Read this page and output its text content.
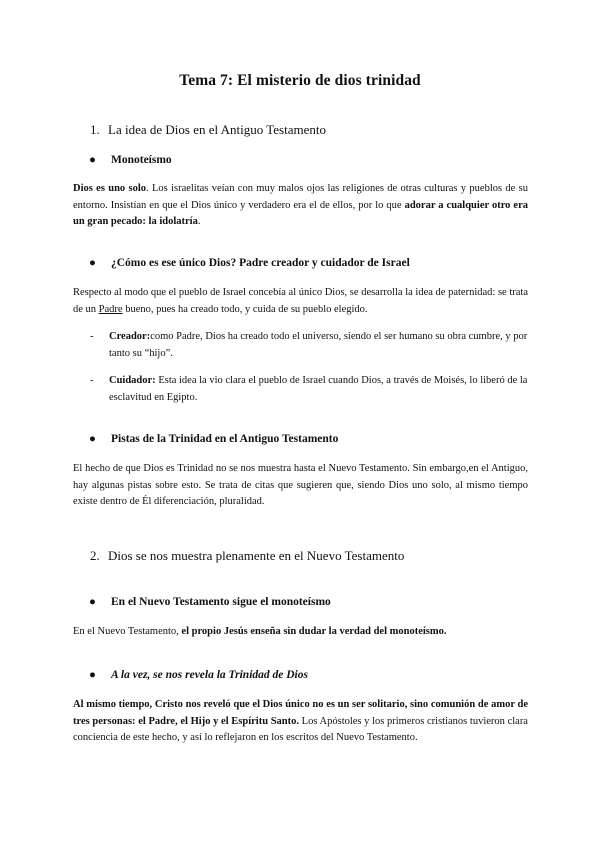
Tema 7: El misterio de dios trinidad
1. La idea de Dios en el Antiguo Testamento
● Monoteísmo
Dios es uno solo. Los israelitas veían con muy malos ojos las religiones de otras culturas y pueblos de su entorno. Insistían en que el Dios único y verdadero era el de ellos, por lo que adorar a cualquier otro era un gran pecado: la idolatría.
● ¿Cómo es ese único Dios? Padre creador y cuidador de Israel
Respecto al modo que el pueblo de Israel concebía al único Dios, se desarrolla la idea de paternidad: se trata de un Padre bueno, pues ha creado todo, y cuida de su pueblo elegido.
- Creador:como Padre, Dios ha creado todo el universo, siendo el ser humano su obra cumbre, y por tanto su “hijo”.
- Cuidador: Esta idea la vio clara el pueblo de Israel cuando Dios, a través de Moisés, lo liberó de la esclavitud en Egipto.
● Pistas de la Trinidad en el Antiguo Testamento
El hecho de que Dios es Trinidad no se nos muestra hasta el Nuevo Testamento. Sin embargo,en el Antiguo, hay algunas pistas sobre esto. Se trata de citas que sugieren que, siendo Dios uno solo, al mismo tiempo existe dentro de Él diferenciación, pluralidad.
2. Dios se nos muestra plenamente en el Nuevo Testamento
● En el Nuevo Testamento sigue el monoteísmo
En el Nuevo Testamento, el propio Jesús enseña sin dudar la verdad del monoteísmo.
● A la vez, se nos revela la Trinidad de Dios
Al mismo tiempo, Cristo nos reveló que el Dios único no es un ser solitario, sino comunión de amor de tres personas: el Padre, el Hijo y el Espíritu Santo. Los Apóstoles y los primeros cristianos tuvieron clara conciencia de este hecho, y así lo reflejaron en los escritos del Nuevo Testamento.
